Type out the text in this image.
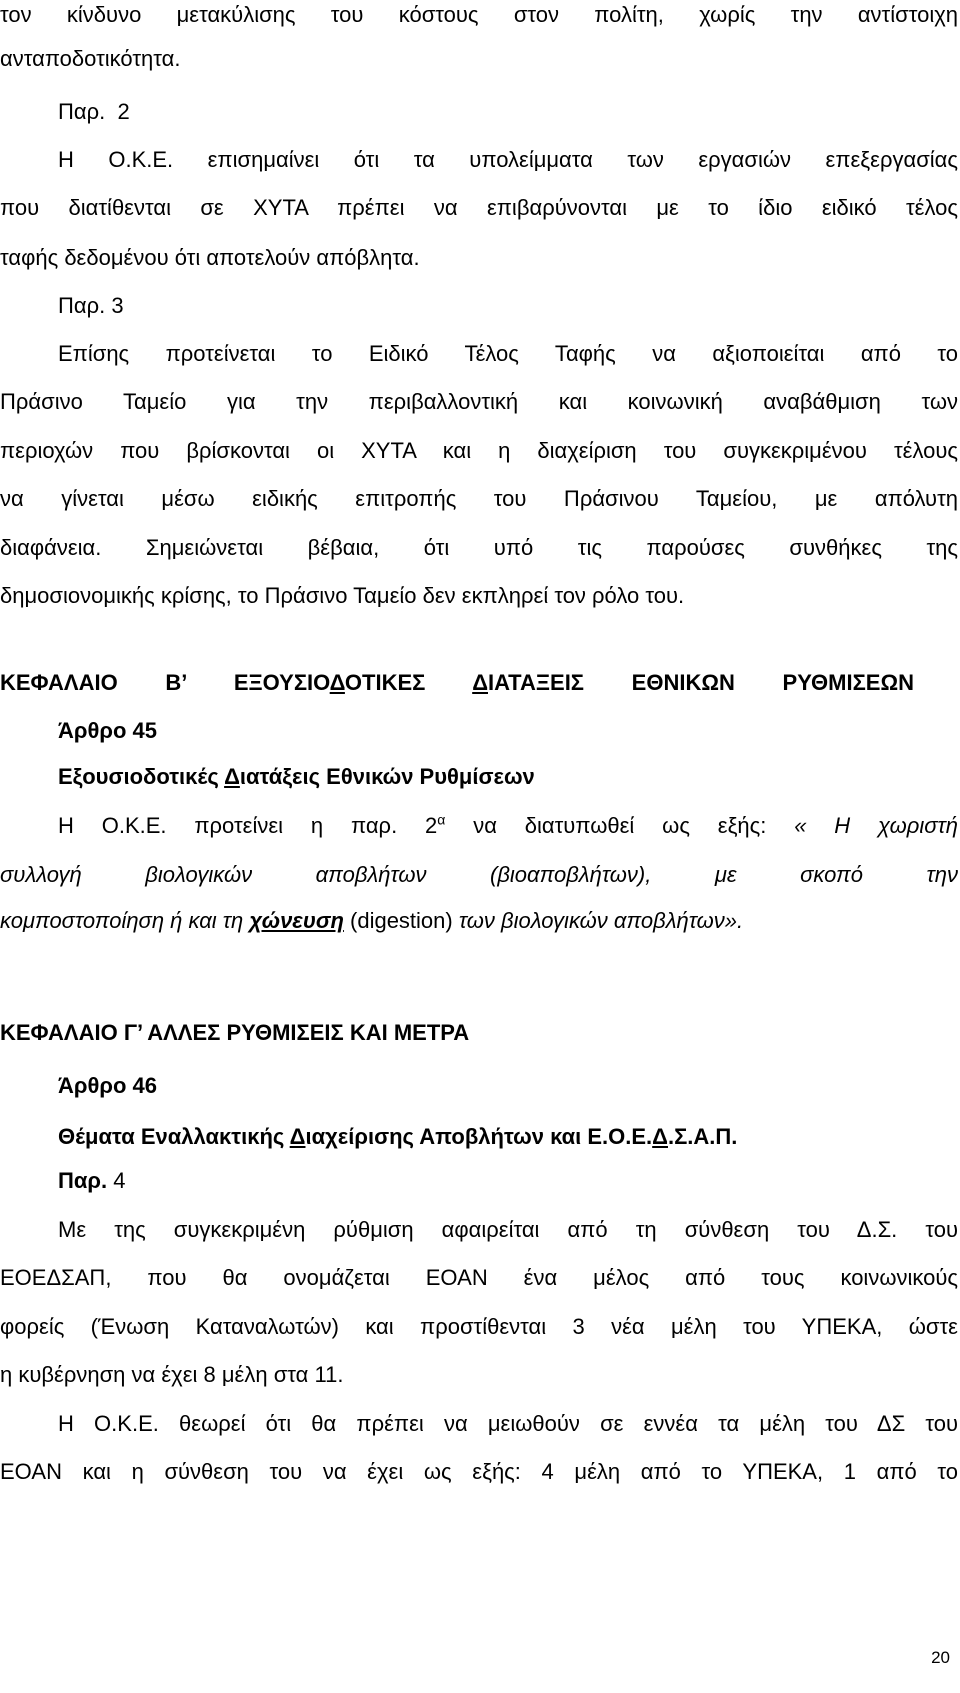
τον κίνδυνο μετακύλισης του κόστους στον πολίτη, χωρίς την αντίστοιχη
ανταποδοτικότητα.
Παρ. 2
Η Ο.Κ.Ε. επισημαίνει ότι τα υπολείμματα των εργασιών επεξεργασίας
που διατίθενται σε ΧΥΤΑ πρέπει να επιβαρύνονται με το ίδιο ειδικό τέλος
ταφής δεδομένου ότι αποτελούν απόβλητα.
Παρ. 3
Επίσης προτείνεται το Ειδικό Τέλος Ταφής να αξιοποιείται από το
Πράσινο Ταμείο για την περιβαλλοντική και κοινωνική αναβάθμιση των
περιοχών που βρίσκονται οι ΧΥΤΑ και η διαχείριση του συγκεκριμένου τέλους
να γίνεται μέσω ειδικής επιτροπής του Πράσινου Ταμείου, με απόλυτη
διαφάνεια. Σημειώνεται βέβαια, ότι υπό τις παρούσες συνθήκες της
δημοσιονομικής κρίσης, το Πράσινο Ταμείο δεν εκπληρεί τον ρόλο του.
ΚΕΦΑΛΑΙΟ Β’ ΕΞΟΥΣΙΟΔΟΤΙΚΕΣ ΔΙΑΤΑΞΕΙΣ ΕΘΝΙΚΩΝ ΡΥΘΜΙΣΕΩΝ
Άρθρο 45
Εξουσιοδοτικές Διατάξεις Εθνικών Ρυθμίσεων
Η Ο.Κ.Ε. προτείνει η παρ. $2^\alpha$ να διατυπωθεί ως εξής: « Η χωριστή
συλλογή βιολογικών αποβλήτων (βιοαποβλήτων), με σκοπό την
κομποστοποίηση ή και τη χώνευση (digestion) των βιολογικών αποβλήτων».
ΚΕΦΑΛΑΙΟ Γ’ ΑΛΛΕΣ ΡΥΘΜΙΣΕΙΣ ΚΑΙ ΜΕΤΡΑ
Άρθρο 46
Θέματα Εναλλακτικής Διαχείρισης Αποβλήτων και Ε.Ο.Ε.Δ.Σ.Α.Π.
Παρ. 4
Με της συγκεκριμένη ρύθμιση αφαιρείται από τη σύνθεση του Δ.Σ. του
ΕΟΕΔΣΑΠ, που θα ονομάζεται ΕΟΑΝ ένα μέλος από τους κοινωνικούς
φορείς (Ένωση Καταναλωτών) και προστίθενται 3 νέα μέλη του ΥΠΕΚΑ, ώστε
η κυβέρνηση να έχει 8 μέλη στα 11.
Η Ο.Κ.Ε. θεωρεί ότι θα πρέπει να μειωθούν σε εννέα τα μέλη του ΔΣ του
ΕΟΑΝ και η σύνθεση του να έχει ως εξής: 4 μέλη από το ΥΠΕΚΑ, 1 από το
20
